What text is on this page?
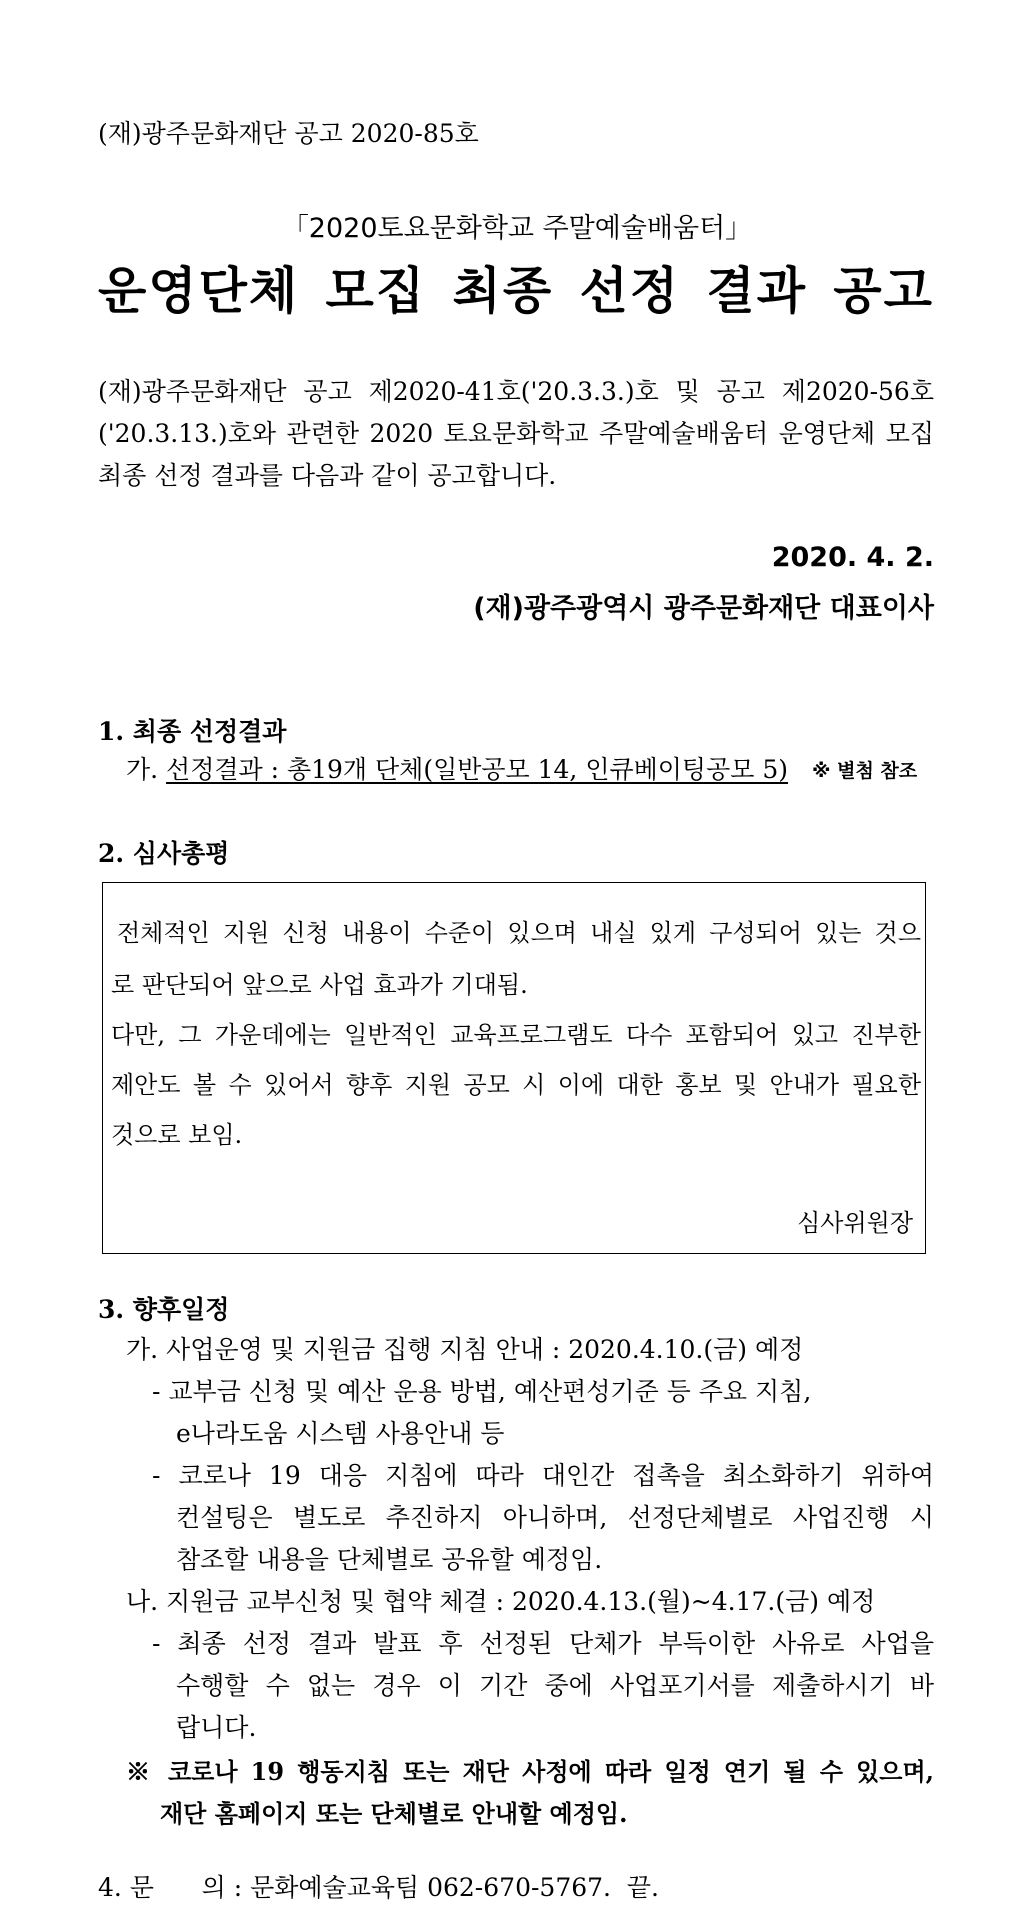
(재)광주문화재단 공고 2020-85호
「2020토요문화학교 주말예술배움터」
운영단체 모집 최종 선정 결과 공고
(재)광주문화재단 공고 제2020-41호('20.3.3.)호 및 공고 제2020-56호
('20.3.13.)호와 관련한 2020 토요문화학교 주말예술배움터 운영단체 모집
최종 선정 결과를 다음과 같이 공고합니다.
2020. 4. 2.
(재)광주광역시 광주문화재단 대표이사
1. 최종 선정결과
가. 선정결과 : 총19개 단체(일반공모 14, 인큐베이팅공모 5) ※ 별첨 참조
2. 심사총평
전체적인 지원 신청 내용이 수준이 있으며 내실 있게 구성되어 있는 것으
로 판단되어 앞으로 사업 효과가 기대됨.
다만, 그 가운데에는 일반적인 교육프로그램도 다수 포함되어 있고 진부한
제안도 볼 수 있어서 향후 지원 공모 시 이에 대한 홍보 및 안내가 필요한
것으로 보임.
심사위원장
3. 향후일정
가. 사업운영 및 지원금 집행 지침 안내 : 2020.4.10.(금) 예정
- 교부금 신청 및 예산 운용 방법, 예산편성기준 등 주요 지침,
e나라도움 시스템 사용안내 등
- 코로나 19 대응 지침에 따라 대인간 접촉을 최소화하기 위하여
컨설팅은 별도로 추진하지 아니하며, 선정단체별로 사업진행 시
참조할 내용을 단체별로 공유할 예정임.
나. 지원금 교부신청 및 협약 체결 : 2020.4.13.(월)~4.17.(금) 예정
- 최종 선정 결과 발표 후 선정된 단체가 부득이한 사유로 사업을
수행할 수 없는 경우 이 기간 중에 사업포기서를 제출하시기 바
랍니다.
※ 코로나 19 행동지침 또는 재단 사정에 따라 일정 연기 될 수 있으며,
재단 홈페이지 또는 단체별로 안내할 예정임.
4. 문      의 : 문화예술교육팀 062-670-5767.  끝.
